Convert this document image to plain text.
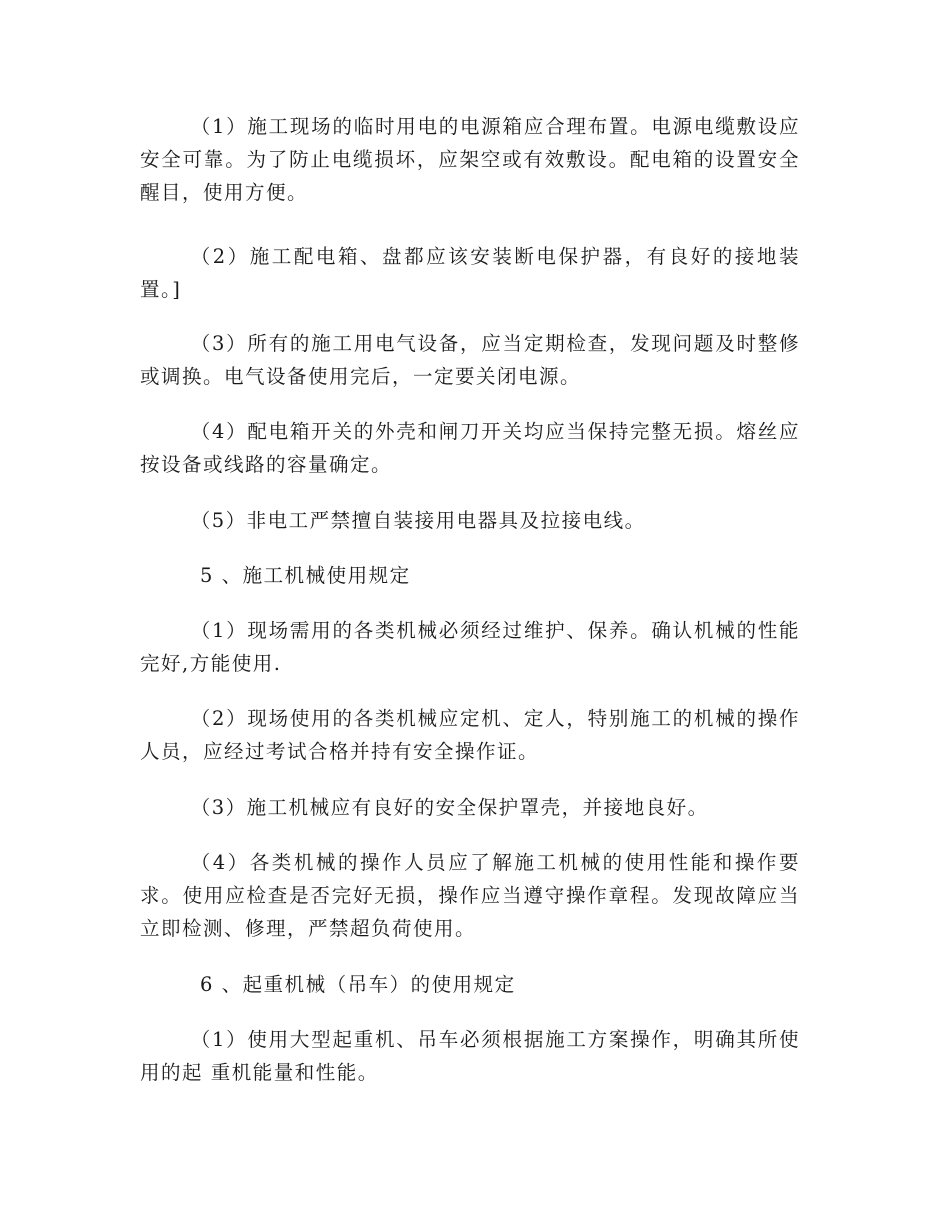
（1）施工现场的临时用电的电源箱应合理布置。电源电缆敷设应安全可靠。为了防止电缆损坏，应架空或有效敷设。配电箱的设置安全醒目，使用方便。

（2）施工配电箱、盘都应该安装断电保护器，有良好的接地装置。]

（3）所有的施工用电气设备，应当定期检查，发现问题及时整修或调换。电气设备使用完后，一定要关闭电源。

（4）配电箱开关的外壳和闸刀开关均应当保持完整无损。熔丝应按设备或线路的容量确定。

（5）非电工严禁擅自装接用电器具及拉接电线。

5 、施工机械使用规定

（1）现场需用的各类机械必须经过维护、保养。确认机械的性能完好,方能使用.

（2）现场使用的各类机械应定机、定人，特别施工的机械的操作人员，应经过考试合格并持有安全操作证。

（3）施工机械应有良好的安全保护罩壳，并接地良好。

（4）各类机械的操作人员应了解施工机械的使用性能和操作要求。使用应检查是否完好无损，操作应当遵守操作章程。发现故障应当立即检测、修理，严禁超负荷使用。

6 、起重机械（吊车）的使用规定

（1）使用大型起重机、吊车必须根据施工方案操作，明确其所使用的起 重机能量和性能。
